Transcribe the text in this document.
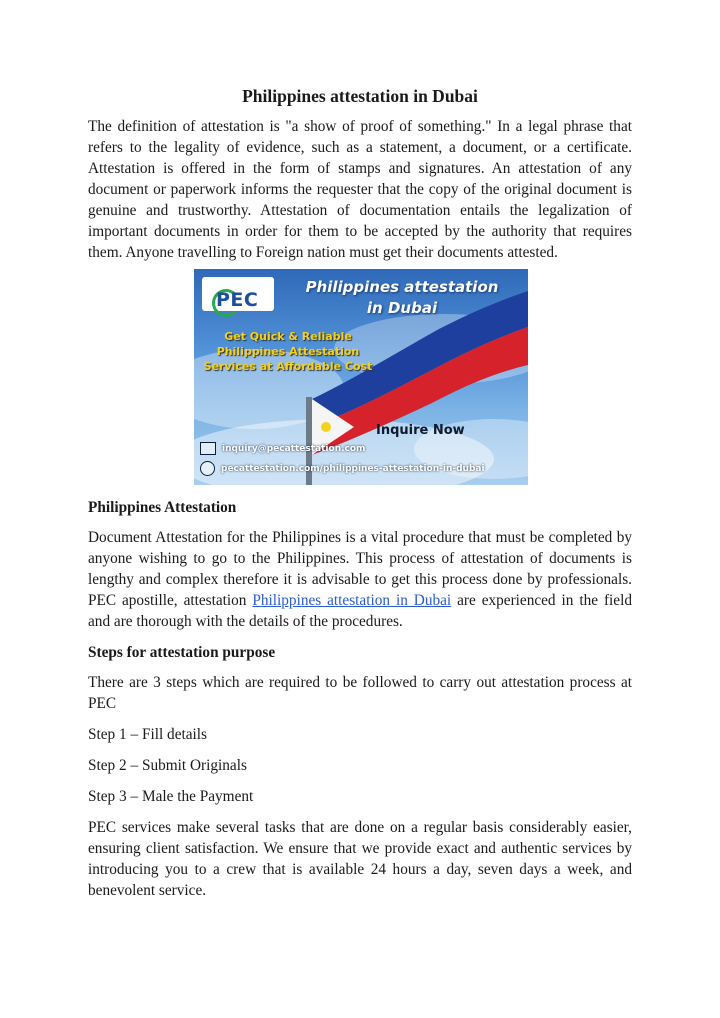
Philippines attestation in Dubai

The definition of attestation is "a show of proof of something." In a legal phrase that refers to the legality of evidence, such as a statement, a document, or a certificate. Attestation is offered in the form of stamps and signatures. An attestation of any document or paperwork informs the requester that the copy of the original document is genuine and trustworthy. Attestation of documentation entails the legalization of important documents in order for them to be accepted by the authority that requires them. Anyone travelling to Foreign nation must get their documents attested.

PEC
Philippines attestation
in Dubai
Get Quick & Reliable Philippines Attestation Services at Affordable Cost
Inquire Now
inquiry@pecattestation.com
pecattestation.com/philippines-attestation-in-dubai
Philippines Attestation

Document Attestation for the Philippines is a vital procedure that must be completed by anyone wishing to go to the Philippines. This process of attestation of documents is lengthy and complex therefore it is advisable to get this process done by professionals. PEC apostille, attestation Philippines attestation in Dubai are experienced in the field and are thorough with the details of the procedures.

Steps for attestation purpose

There are 3 steps which are required to be followed to carry out attestation process at PEC

Step 1 – Fill details

Step 2 – Submit Originals

Step 3 – Male the Payment

PEC services make several tasks that are done on a regular basis considerably easier, ensuring client satisfaction. We ensure that we provide exact and authentic services by introducing you to a crew that is available 24 hours a day, seven days a week, and benevolent service.
